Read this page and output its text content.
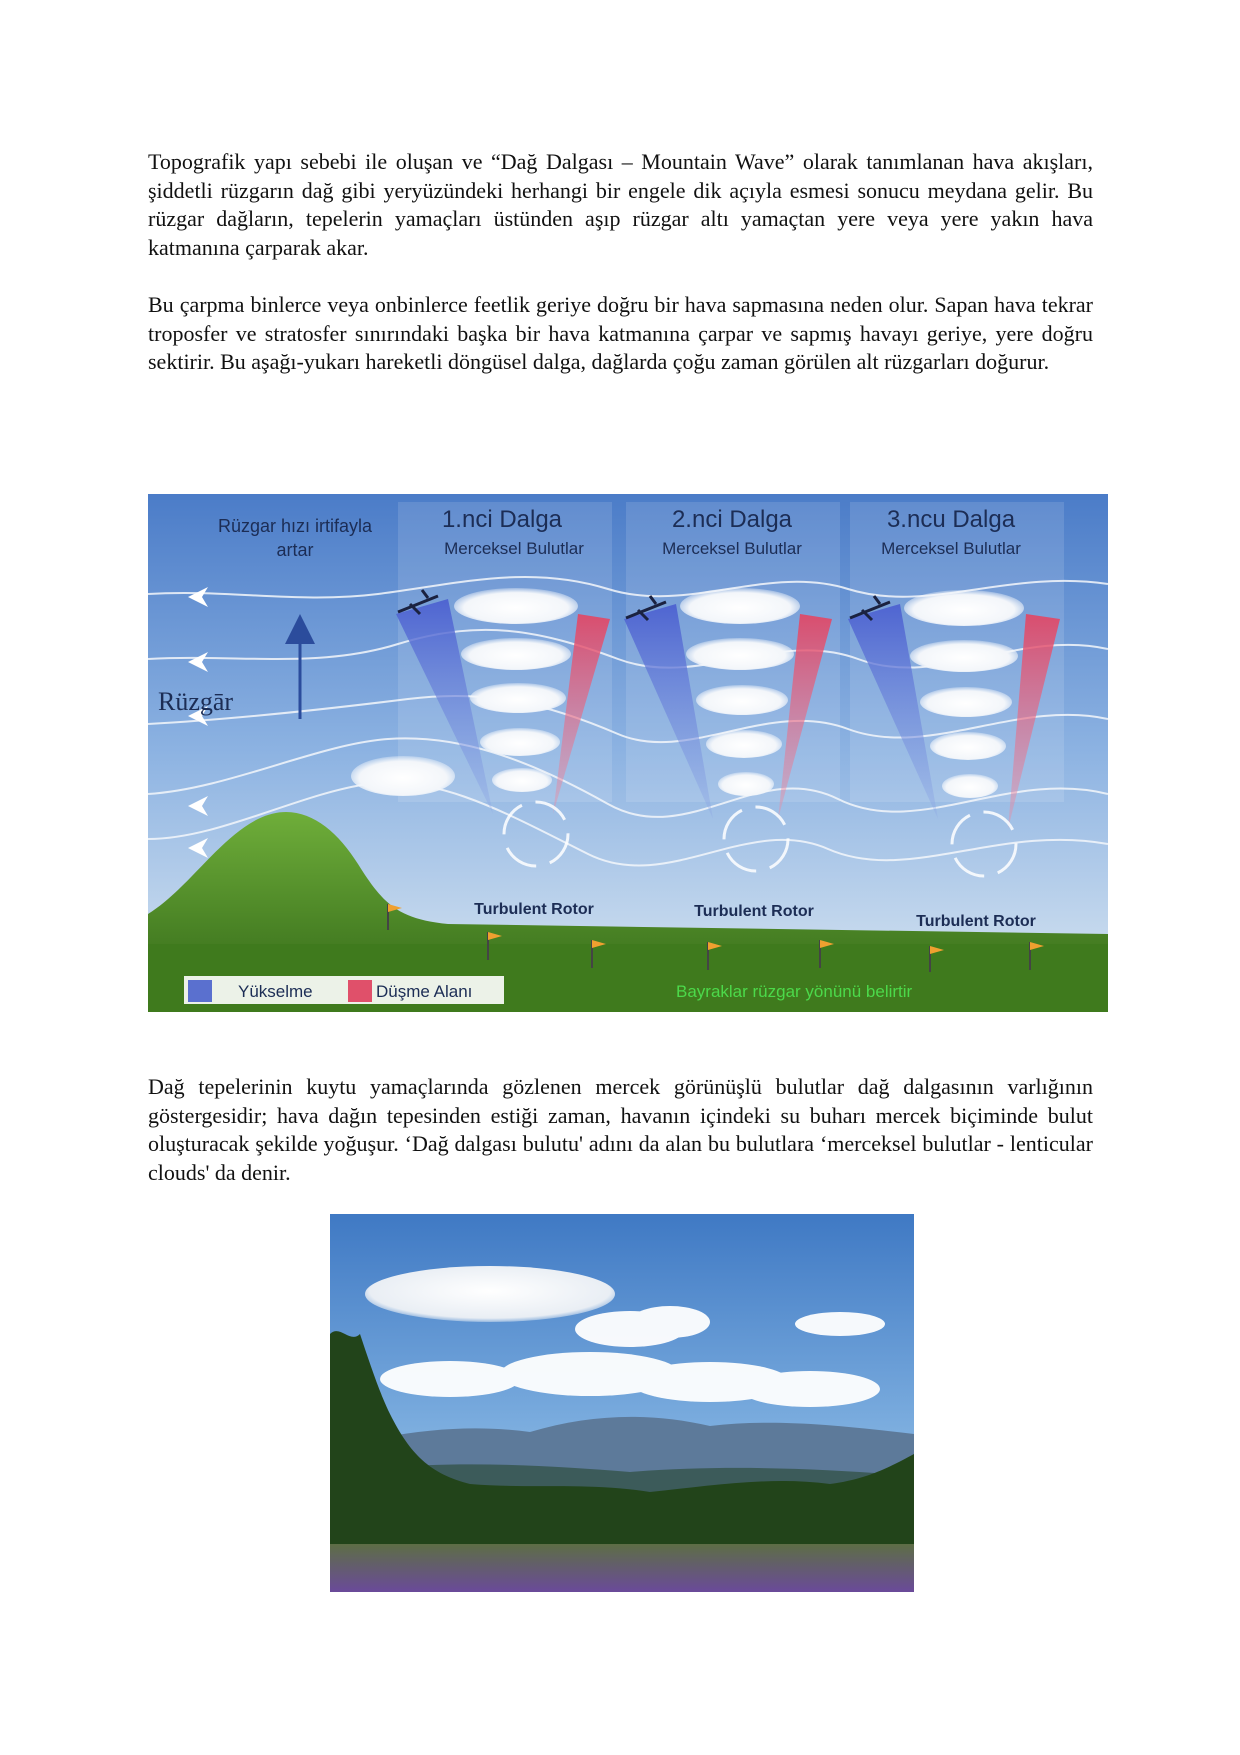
Topografik yapı sebebi ile oluşan ve “Dağ Dalgası – Mountain Wave” olarak tanımlanan hava akışları, şiddetli rüzgarın dağ gibi yeryüzündeki herhangi bir engele dik açıyla esmesi sonucu meydana gelir. Bu rüzgar dağların, tepelerin yamaçları üstünden aşıp rüzgar altı yamaçtan yere veya yere yakın hava katmanına çarparak akar.

Bu çarpma binlerce veya onbinlerce feetlik geriye doğru bir hava sapmasına neden olur. Sapan hava tekrar troposfer ve stratosfer sınırındaki başka bir hava katmanına çarpar ve sapmış havayı geriye, yere doğru sektirir. Bu aşağı-yukarı hareketli döngüsel dalga, dağlarda çoğu zaman görülen alt rüzgarları doğurur.

Rüzgar hızı irtifayla
artar
Rüzgār
1.nci Dalga
Merceksel Bulutlar
Turbulent Rotor
2.nci Dalga
Merceksel Bulutlar
Turbulent Rotor
3.ncu Dalga
Merceksel Bulutlar
Turbulent Rotor
Yükselme	Düşme Alanı	Bayraklar rüzgar yönünü belirtir

Dağ tepelerinin kuytu yamaçlarında gözlenen mercek görünüşlü bulutlar dağ dalgasının varlığının göstergesidir; hava dağın tepesinden estiği zaman, havanın içindeki su buharı mercek biçiminde bulut oluşturacak şekilde yoğuşur. ‘Dağ dalgası bulutu' adını da alan bu bulutlara ‘merceksel bulutlar - lenticular clouds' da denir.
